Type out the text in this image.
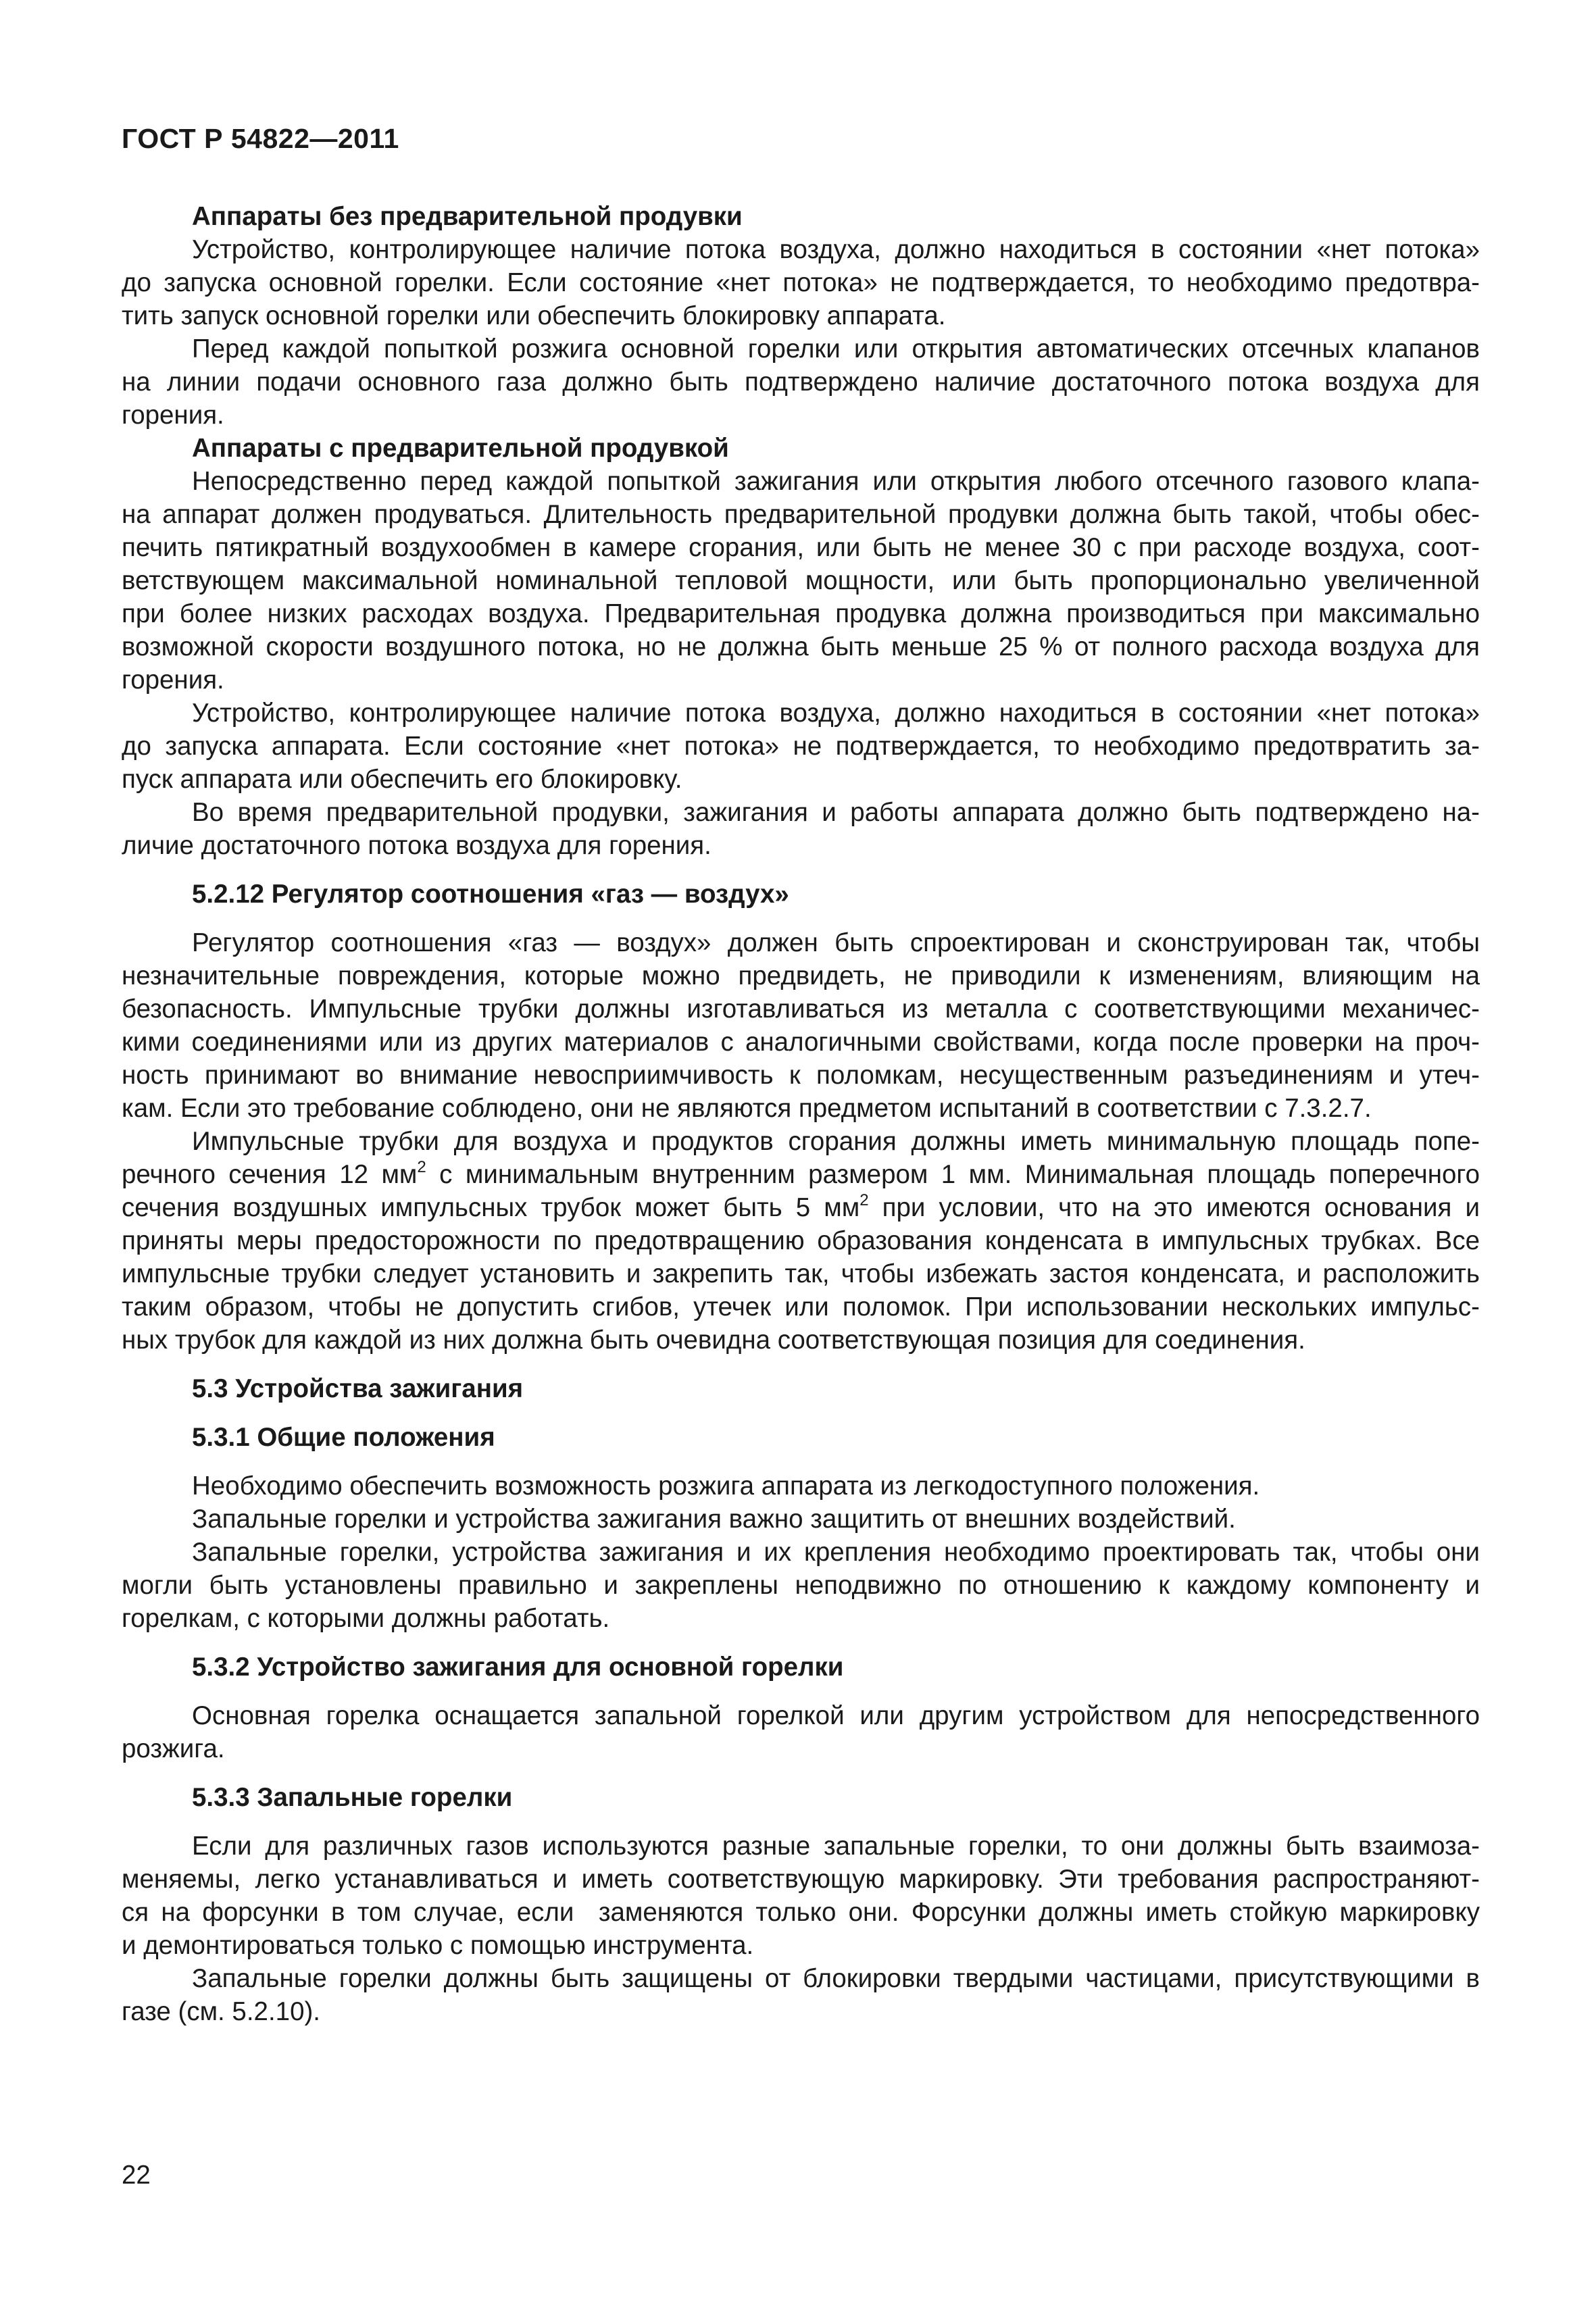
ГОСТ Р 54822—2011
Аппараты без предварительной продувки
Устройство, контролирующее наличие потока воздуха, должно находиться в состоянии «нет потока»
до запуска основной горелки. Если состояние «нет потока» не подтверждается, то необходимо предотвра-
тить запуск основной горелки или обеспечить блокировку аппарата.
Перед каждой попыткой розжига основной горелки или открытия автоматических отсечных клапанов
на линии подачи основного газа должно быть подтверждено наличие достаточного потока воздуха для
горения.
Аппараты с предварительной продувкой
Непосредственно перед каждой попыткой зажигания или открытия любого отсечного газового клапа-
на аппарат должен продуваться. Длительность предварительной продувки должна быть такой, чтобы обес-
печить пятикратный воздухообмен в камере сгорания, или быть не менее 30 с при расходе воздуха, соот-
ветствующем максимальной номинальной тепловой мощности, или быть пропорционально увеличенной
при более низких расходах воздуха. Предварительная продувка должна производиться при максимально
возможной скорости воздушного потока, но не должна быть меньше 25 % от полного расхода воздуха для
горения.
Устройство, контролирующее наличие потока воздуха, должно находиться в состоянии «нет потока»
до запуска аппарата. Если состояние «нет потока» не подтверждается, то необходимо предотвратить за-
пуск аппарата или обеспечить его блокировку.
Во время предварительной продувки, зажигания и работы аппарата должно быть подтверждено на-
личие достаточного потока воздуха для горения.
5.2.12 Регулятор соотношения «газ — воздух»
Регулятор соотношения «газ — воздух» должен быть спроектирован и сконструирован так, чтобы
незначительные повреждения, которые можно предвидеть, не приводили к изменениям, влияющим на
безопасность. Импульсные трубки должны изготавливаться из металла с соответствующими механичес-
кими соединениями или из других материалов с аналогичными свойствами, когда после проверки на проч-
ность принимают во внимание невосприимчивость к поломкам, несущественным разъединениям и утеч-
кам. Если это требование соблюдено, они не являются предметом испытаний в соответствии с 7.3.2.7.
Импульсные трубки для воздуха и продуктов сгорания должны иметь минимальную площадь попе-
речного сечения 12 $мм^2$ с минимальным внутренним размером 1 мм. Минимальная площадь поперечного
сечения воздушных импульсных трубок может быть 5 $мм^2$ при условии, что на это имеются основания и
приняты меры предосторожности по предотвращению образования конденсата в импульсных трубках. Все
импульсные трубки следует установить и закрепить так, чтобы избежать застоя конденсата, и расположить
таким образом, чтобы не допустить сгибов, утечек или поломок. При использовании нескольких импульс-
ных трубок для каждой из них должна быть очевидна соответствующая позиция для соединения.
5.3 Устройства зажигания
5.3.1 Общие положения
Необходимо обеспечить возможность розжига аппарата из легкодоступного положения.
Запальные горелки и устройства зажигания важно защитить от внешних воздействий.
Запальные горелки, устройства зажигания и их крепления необходимо проектировать так, чтобы они
могли быть установлены правильно и закреплены неподвижно по отношению к каждому компоненту и
горелкам, с которыми должны работать.
5.3.2 Устройство зажигания для основной горелки
Основная горелка оснащается запальной горелкой или другим устройством для непосредственного
розжига.
5.3.3 Запальные горелки
Если для различных газов используются разные запальные горелки, то они должны быть взаимоза-
меняемы, легко устанавливаться и иметь соответствующую маркировку. Эти требования распространяют-
ся на форсунки в том случае, если  заменяются только они. Форсунки должны иметь стойкую маркировку
и демонтироваться только с помощью инструмента.
Запальные горелки должны быть защищены от блокировки твердыми частицами, присутствующими в
газе (см. 5.2.10).
22
